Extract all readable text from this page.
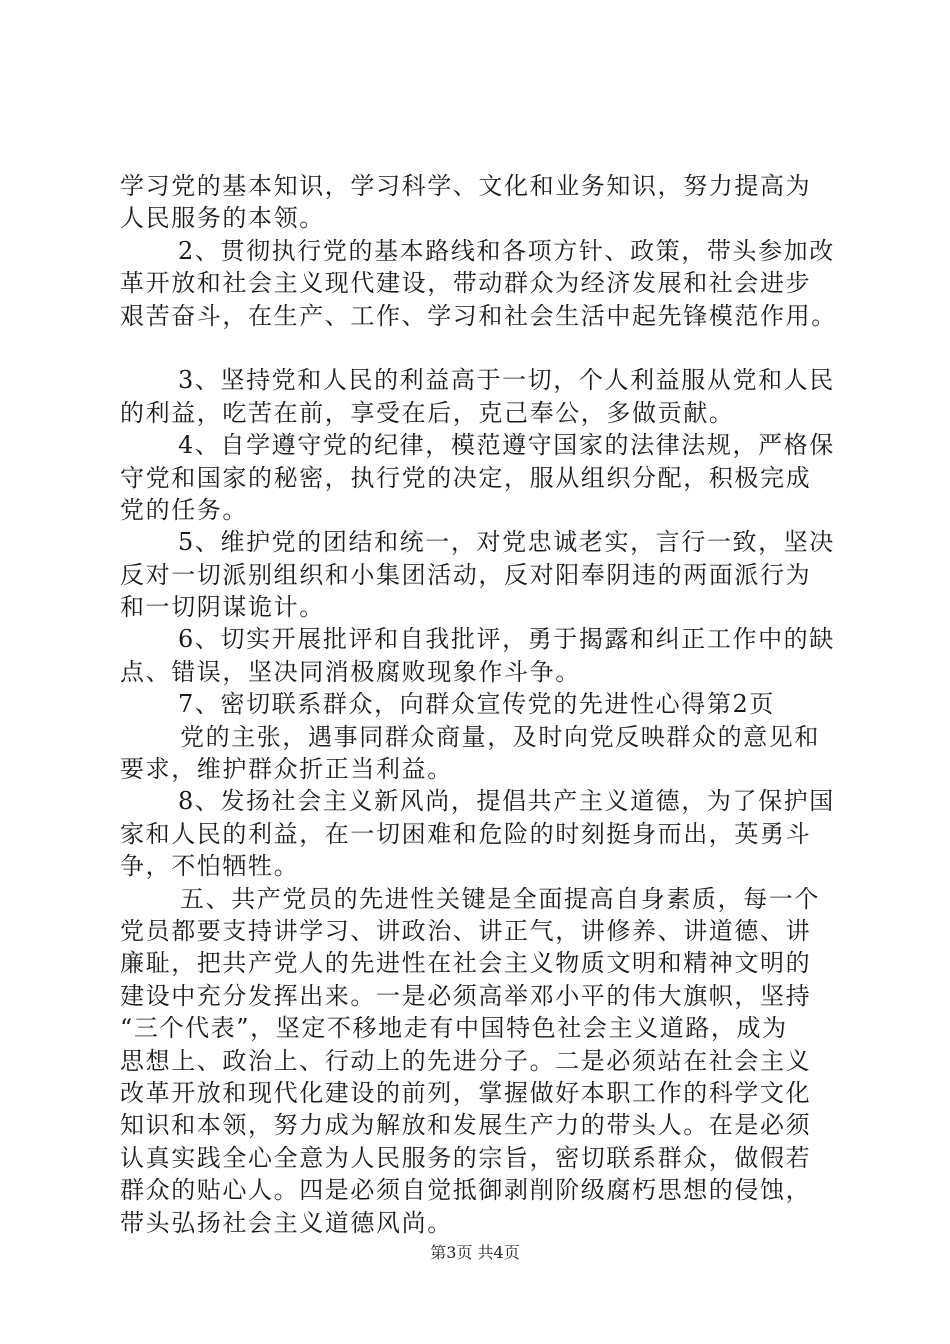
学习党的基本知识，学习科学、文化和业务知识，努力提高为
人民服务的本领。
2、贯彻执行党的基本路线和各项方针、政策，带头参加改
革开放和社会主义现代建设，带动群众为经济发展和社会进步
艰苦奋斗，在生产、工作、学习和社会生活中起先锋模范作用。
3、坚持党和人民的利益高于一切，个人利益服从党和人民
的利益，吃苦在前，享受在后，克己奉公，多做贡献。
4、自学遵守党的纪律，模范遵守国家的法律法规，严格保
守党和国家的秘密，执行党的决定，服从组织分配，积极完成
党的任务。
5、维护党的团结和统一，对党忠诚老实，言行一致，坚决
反对一切派别组织和小集团活动，反对阳奉阴违的两面派行为
和一切阴谋诡计。
6、切实开展批评和自我批评，勇于揭露和纠正工作中的缺
点、错误，坚决同消极腐败现象作斗争。
7、密切联系群众，向群众宣传党的先进性心得第2页
党的主张，遇事同群众商量，及时向党反映群众的意见和
要求，维护群众折正当利益。
8、发扬社会主义新风尚，提倡共产主义道德，为了保护国
家和人民的利益，在一切困难和危险的时刻挺身而出，英勇斗
争，不怕牺牲。
五、共产党员的先进性关键是全面提高自身素质，每一个
党员都要支持讲学习、讲政治、讲正气，讲修养、讲道德、讲
廉耻，把共产党人的先进性在社会主义物质文明和精神文明的
建设中充分发挥出来。一是必须高举邓小平的伟大旗帜，坚持
“三个代表”，坚定不移地走有中国特色社会主义道路，成为
思想上、政治上、行动上的先进分子。二是必须站在社会主义
改革开放和现代化建设的前列，掌握做好本职工作的科学文化
知识和本领，努力成为解放和发展生产力的带头人。在是必须
认真实践全心全意为人民服务的宗旨，密切联系群众，做假若
群众的贴心人。四是必须自觉抵御剥削阶级腐朽思想的侵蚀，
带头弘扬社会主义道德风尚。
第3页 共4页
